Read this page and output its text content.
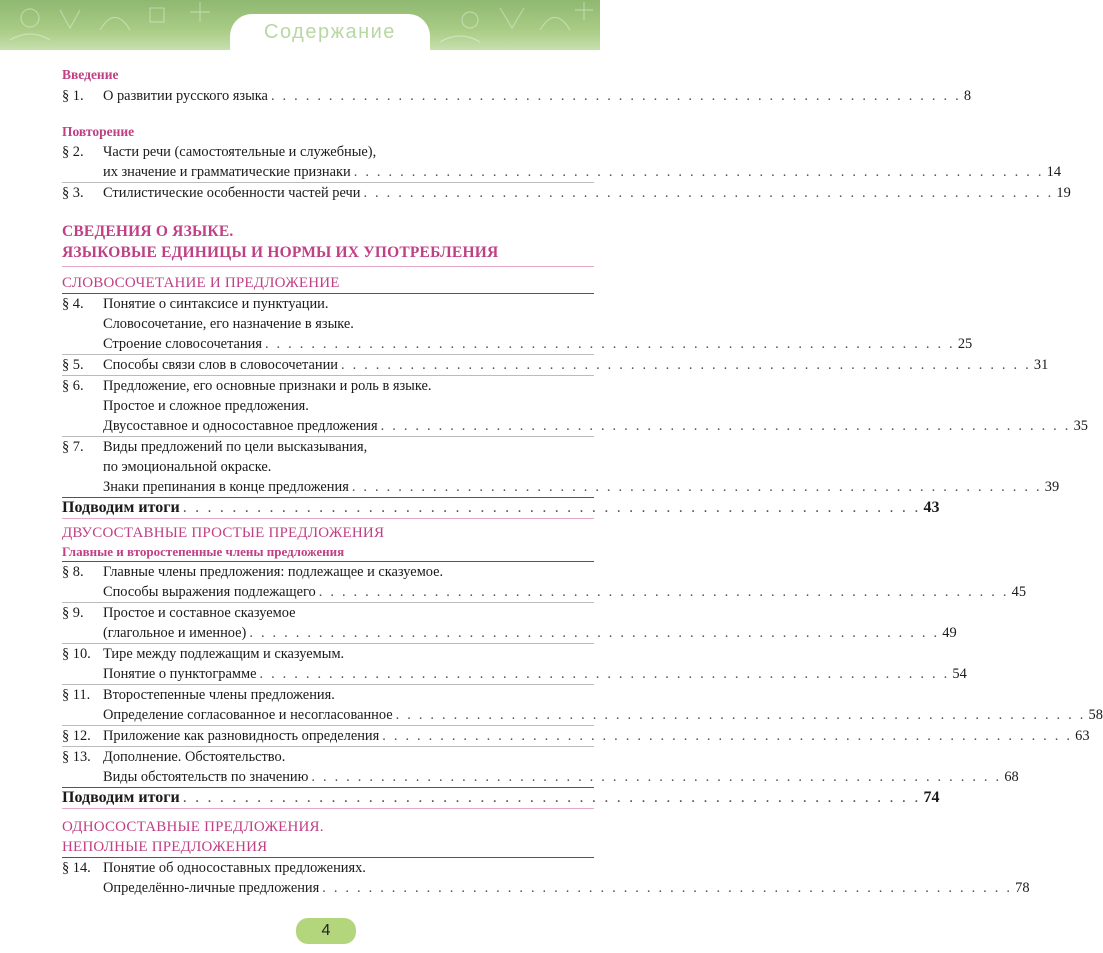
Содержание
Введение
§ 1.	О развитии русского языка . . . . . . . . . . . . . . . . . . . . . . . . . . . . . . . . . . . . . . . . . . . . . . . . . . . . . . . . . . . . 8
Повторение
§ 2.	Части речи (самостоятельные и служебные),
их значение и грамматические признаки . . . . . . . . . . . . . . . . . . . . . . . . . . . . . . . . . . . . . . . . . . . . . . . . . . . . . . . . . . . . 14
§ 3.	Стилистические особенности частей речи . . . . . . . . . . . . . . . . . . . . . . . . . . . . . . . . . . . . . . . . . . . . . . . . . . . . . . . . . . . . 19
СВЕДЕНИЯ О ЯЗЫКЕ.
ЯЗЫКОВЫЕ ЕДИНИЦЫ И НОРМЫ ИХ УПОТРЕБЛЕНИЯ
СЛОВОСОЧЕТАНИЕ И ПРЕДЛОЖЕНИЕ
§ 4.	Понятие о синтаксисе и пунктуации.
Словосочетание, его назначение в языке.
Строение словосочетания . . . . . . . . . . . . . . . . . . . . . . . . . . . . . . . . . . . . . . . . . . . . . . . . . . . . . . . . . . . . 25
§ 5.	Способы связи слов в словосочетании . . . . . . . . . . . . . . . . . . . . . . . . . . . . . . . . . . . . . . . . . . . . . . . . . . . . . . . . . . . . 31
§ 6.	Предложение, его основные признаки и роль в языке.
Простое и сложное предложения.
Двусоставное и односоставное предложения . . . . . . . . . . . . . . . . . . . . . . . . . . . . . . . . . . . . . . . . . . . . . . . . . . . . . . . . . . . . 35
§ 7.	Виды предложений по цели высказывания,
по эмоциональной окраске.
Знаки препинания в конце предложения . . . . . . . . . . . . . . . . . . . . . . . . . . . . . . . . . . . . . . . . . . . . . . . . . . . . . . . . . . . . 39
Подводим итоги . . . . . . . . . . . . . . . . . . . . . . . . . . . . . . . . . . . . . . . . . . . . . . . . . . . . . . . . . . . . 43
ДВУСОСТАВНЫЕ ПРОСТЫЕ ПРЕДЛОЖЕНИЯ
Главные и второстепенные члены предложения
§ 8.	Главные члены предложения: подлежащее и сказуемое.
Способы выражения подлежащего . . . . . . . . . . . . . . . . . . . . . . . . . . . . . . . . . . . . . . . . . . . . . . . . . . . . . . . . . . . . 45
§ 9.	Простое и составное сказуемое
(глагольное и именное) . . . . . . . . . . . . . . . . . . . . . . . . . . . . . . . . . . . . . . . . . . . . . . . . . . . . . . . . . . . . 49
§ 10. Тире между подлежащим и сказуемым.
Понятие о пунктограмме . . . . . . . . . . . . . . . . . . . . . . . . . . . . . . . . . . . . . . . . . . . . . . . . . . . . . . . . . . . . 54
§ 11. Второстепенные члены предложения.
Определение согласованное и несогласованное . . . . . . . . . . . . . . . . . . . . . . . . . . . . . . . . . . . . . . . . . . . . . . . . . . . . . . . . . . . . 58
§ 12. Приложение как разновидность определения . . . . . . . . . . . . . . . . . . . . . . . . . . . . . . . . . . . . . . . . . . . . . . . . . . . . . . . . . . . . 63
§ 13. Дополнение. Обстоятельство.
Виды обстоятельств по значению . . . . . . . . . . . . . . . . . . . . . . . . . . . . . . . . . . . . . . . . . . . . . . . . . . . . . . . . . . . . 68
Подводим итоги . . . . . . . . . . . . . . . . . . . . . . . . . . . . . . . . . . . . . . . . . . . . . . . . . . . . . . . . . . . . 74
ОДНОСОСТАВНЫЕ ПРЕДЛОЖЕНИЯ.
НЕПОЛНЫЕ ПРЕДЛОЖЕНИЯ
§ 14. Понятие об односоставных предложениях.
Определённо-личные предложения . . . . . . . . . . . . . . . . . . . . . . . . . . . . . . . . . . . . . . . . . . . . . . . . . . . . . . . . . . . . 78
4
